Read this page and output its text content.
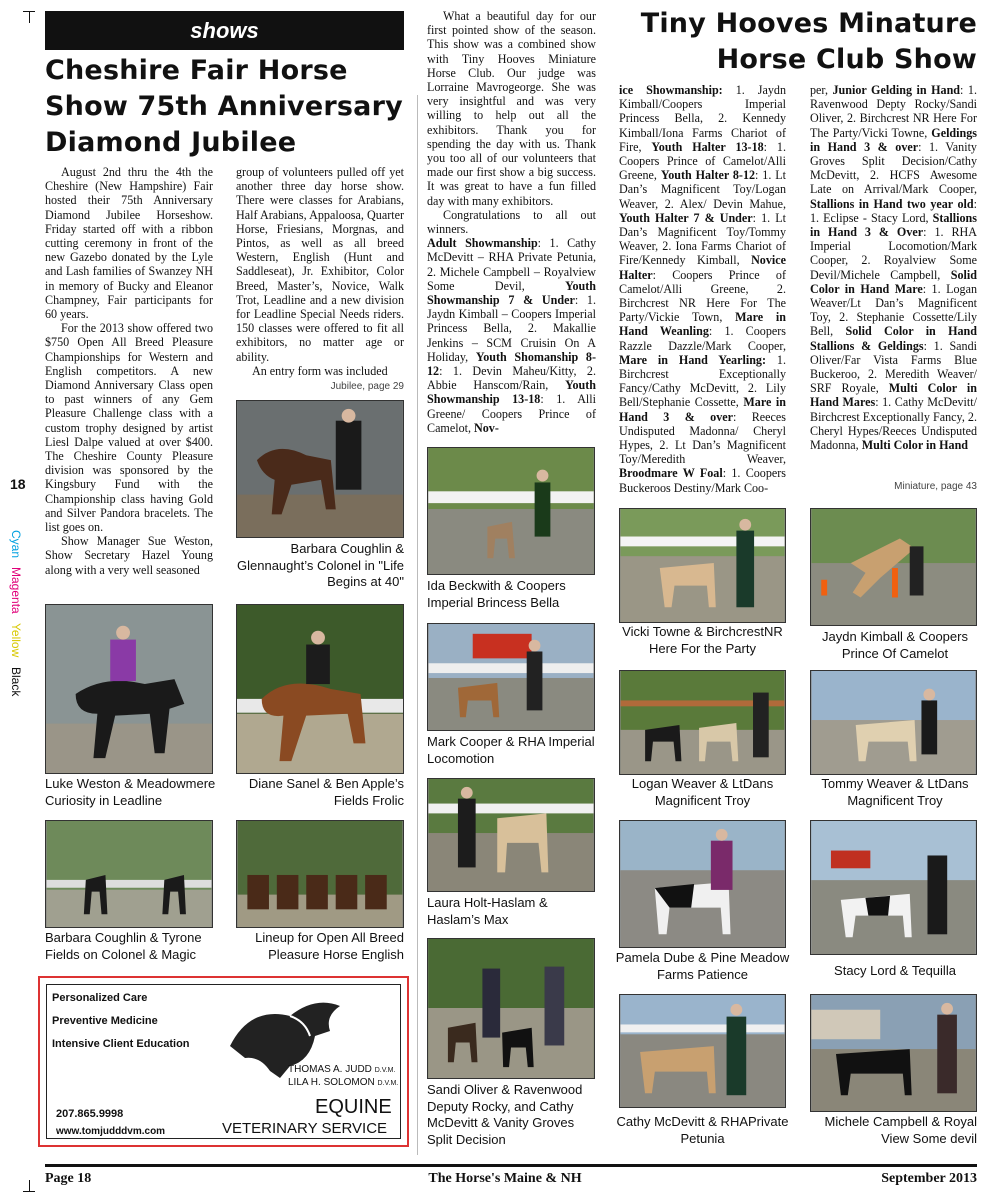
18
Cyan Magenta Yellow Black
shows
Cheshire Fair Horse
Show 75th Anniversary
Diamond Jubilee

August 2nd thru the 4th the Cheshire (New Hampshire) Fair hosted their 75th Anniversary Diamond Jubilee Horseshow. Friday started off with a ribbon cutting ceremony in front of the new Gazebo donated by the Lyle and Lash families of Swanzey NH in memory of Bucky and Eleanor Champney, Fair participants for 60 years.

For the 2013 show offered two $750 Open All Breed Pleasure Championships for Western and English competitors. A new Diamond Anniversary Class open to past winners of any Gem Pleasure Challenge class with a custom trophy designed by artist Liesl Dalpe valued at over $400. The Cheshire County Pleasure division was sponsored by the Kingsbury Fund with the Championship class having Gold and Silver Pandora bracelets. The list goes on.

Show Manager Sue Weston, Show Secretary Hazel Young along with a very well seasoned

group of volunteers pulled off yet another three day horse show. There were classes for Arabians, Half Arabians, Appaloosa, Quarter Horse, Friesians, Morgnas, and Pintos, as well as all breed Western, English (Hunt and Saddleseat), Jr. Exhibitor, Color Breed, Master’s, Novice, Walk Trot, Leadline and a new division for Leadline Special Needs riders. 150 classes were offered to fit all exhibitors, no matter age or ability.

An entry form was included

Jubilee, page 29
Barbara Coughlin & Glennaught’s Colonel in "Life Begins at 40"
Luke Weston & Meadowmere Curiosity in Leadline
Diane Sanel & Ben Apple’s Fields Frolic
Barbara Coughlin & Tyrone Fields on Colonel & Magic
Lineup for Open All Breed Pleasure Horse English
Personalized Care
Preventive Medicine
Intensive Client Education
THOMAS A. JUDD D.V.M.
LILA H. SOLOMON D.V.M.
207.865.9998
www.tomjudddvm.com
EQUINE
VETERINARY SERVICE

What a beautiful day for our first pointed show of the season. This show was a combined show with Tiny Hooves Miniature Horse Club. Our judge was Lorraine Mavrogeorge. She was very insightful and was very willing to help out all the exhibitors. Thank you for spending the day with us. Thank you too all of our volunteers that made our first show a big success. It was great to have a fun filled day with many exhibitors.

Congratulations to all out winners.

Adult Showmanship: 1. Cathy McDevitt – RHA Private Petunia, 2. Michele Campbell – Royalview Some Devil, Youth Showmanship 7 & Under: 1. Jaydn Kimball – Coopers Imperial Princess Bella, 2. Makallie Jenkins – SCM Cruisin On A Holiday, Youth Shomanship 8-12: 1. Devin Maheu/Kitty, 2. Abbie Hanscom/Rain, Youth Showmanship 13-18: 1. Alli Greene/ Coopers Prince of Camelot, Nov-

Ida Beckwith & Coopers Imperial Brincess Bella
Mark Cooper & RHA Imperial Locomotion
Laura Holt-Haslam & Haslam’s Max
Sandi Oliver & Ravenwood Deputy Rocky, and Cathy McDevitt & Vanity Groves Split Decision
Tiny Hooves Minature
Horse Club Show

ice Showmanship: 1. Jaydn Kimball/Coopers Imperial Princess Bella, 2. Kennedy Kimball/Iona Farms Chariot of Fire, Youth Halter 13-18: 1. Coopers Prince of Camelot/Alli Greene, Youth Halter 8-12: 1. Lt Dan’s Magnificent Toy/Logan Weaver, 2. Alex/ Devin Mahue, Youth Halter 7 & Under: 1. Lt Dan’s Magnificent Toy/Tommy Weaver, 2. Iona Farms Chariot of Fire/Kennedy Kimball, Novice Halter: Coopers Prince of Camelot/Alli Greene, 2. Birchcrest NR Here For The Party/Vickie Town, Mare in Hand Weanling: 1. Coopers Razzle Dazzle/Mark Cooper, Mare in Hand Yearling: 1. Birchcrest Exceptionally Fancy/Cathy McDevitt, 2. Lily Bell/Stephanie Cossette, Mare in Hand 3 & over: Reeces Undisputed Madonna/ Cheryl Hypes, 2. Lt Dan’s Magnificent Toy/Meredith Weaver, Broodmare W Foal: 1. Coopers Buckeroos Destiny/Mark Coo-

per, Junior Gelding in Hand: 1. Ravenwood Depty Rocky/Sandi Oliver, 2. Birchcrest NR Here For The Party/Vicki Towne, Geldings in Hand 3 & over: 1. Vanity Groves Split Decision/Cathy McDevitt, 2. HCFS Awesome Late on Arrival/Mark Cooper, Stallions in Hand two year old: 1. Eclipse - Stacy Lord, Stallions in Hand 3 & Over: 1. RHA Imperial Locomotion/Mark Cooper, 2. Royalview Some Devil/Michele Campbell, Solid Color in Hand Mare: 1. Logan Weaver/Lt Dan’s Magnificent Toy, 2. Stephanie Cossette/Lily Bell, Solid Color in Hand Stallions & Geldings: 1. Sandi Oliver/Far Vista Farms Blue Buckeroo, 2. Meredith Weaver/ SRF Royale, Multi Color in Hand Mares: 1. Cathy McDevitt/ Birchcrest Exceptionally Fancy, 2. Cheryl Hypes/Reeces Undisputed Madonna, Multi Color in Hand

Miniature, page 43
Vicki Towne & BirchcrestNR Here For the Party
Jaydn Kimball & Coopers Prince Of Camelot
Logan Weaver & LtDans Magnificent Troy
Tommy Weaver & LtDans Magnificent Troy
Pamela Dube & Pine Meadow Farms Patience	Stacy Lord & Tequilla
Cathy McDevitt & RHAPrivate Petunia
Michele Campbell & Royal View Some devil
Page 18	The Horse's Maine & NH	September 2013
